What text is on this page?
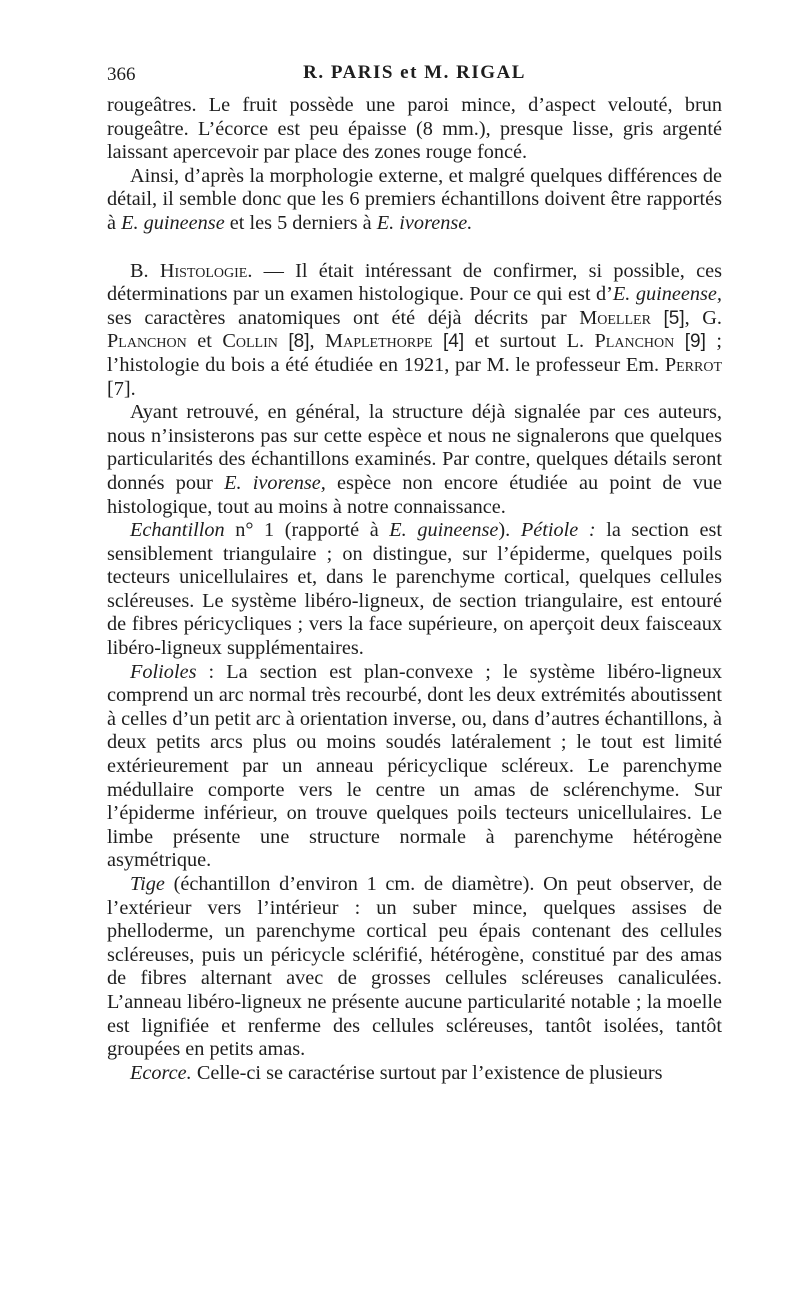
366	R. PARIS et M. RIGAL

rougeâtres. Le fruit possède une paroi mince, d’aspect velouté, brun rougeâtre. L’écorce est peu épaisse (8 mm.), presque lisse, gris argenté laissant apercevoir par place des zones rouge foncé.

Ainsi, d’après la morphologie externe, et malgré quelques différences de détail, il semble donc que les 6 premiers échantillons doivent être rapportés à E. guineense et les 5 derniers à E. ivorense.

B. Histologie. — Il était intéressant de confirmer, si possible, ces déterminations par un examen histologique. Pour ce qui est d’E. guineense, ses caractères anatomiques ont été déjà décrits par Moeller [5], G. Planchon et Collin [8], Maplethorpe [4] et surtout L. Planchon [9] ; l’histologie du bois a été étudiée en 1921, par M. le professeur Em. Perrot [7].

Ayant retrouvé, en général, la structure déjà signalée par ces auteurs, nous n’insisterons pas sur cette espèce et nous ne signalerons que quelques particularités des échantillons examinés. Par contre, quelques détails seront donnés pour E. ivorense, espèce non encore étudiée au point de vue histologique, tout au moins à notre connaissance.

Echantillon n° 1 (rapporté à E. guineense). Pétiole : la section est sensiblement triangulaire ; on distingue, sur l’épiderme, quelques poils tecteurs unicellulaires et, dans le parenchyme cortical, quelques cellules scléreuses. Le système libéro-ligneux, de section triangulaire, est entouré de fibres péricycliques ; vers la face supérieure, on aperçoit deux faisceaux libéro-ligneux supplémentaires.

Folioles : La section est plan-convexe ; le système libéro-ligneux comprend un arc normal très recourbé, dont les deux extrémités aboutissent à celles d’un petit arc à orientation inverse, ou, dans d’autres échantillons, à deux petits arcs plus ou moins soudés latéralement ; le tout est limité extérieurement par un anneau péricyclique scléreux. Le parenchyme médullaire comporte vers le centre un amas de sclérenchyme. Sur l’épiderme inférieur, on trouve quelques poils tecteurs unicellulaires. Le limbe présente une structure normale à parenchyme hétérogène asymétrique.

Tige (échantillon d’environ 1 cm. de diamètre). On peut observer, de l’extérieur vers l’intérieur : un suber mince, quelques assises de phelloderme, un parenchyme cortical peu épais contenant des cellules scléreuses, puis un péricycle sclérifié, hétérogène, constitué par des amas de fibres alternant avec de grosses cellules scléreuses canaliculées. L’anneau libéro-ligneux ne présente aucune particularité notable ; la moelle est lignifiée et renferme des cellules scléreuses, tantôt isolées, tantôt groupées en petits amas.

Ecorce. Celle-ci se caractérise surtout par l’existence de plusieurs
